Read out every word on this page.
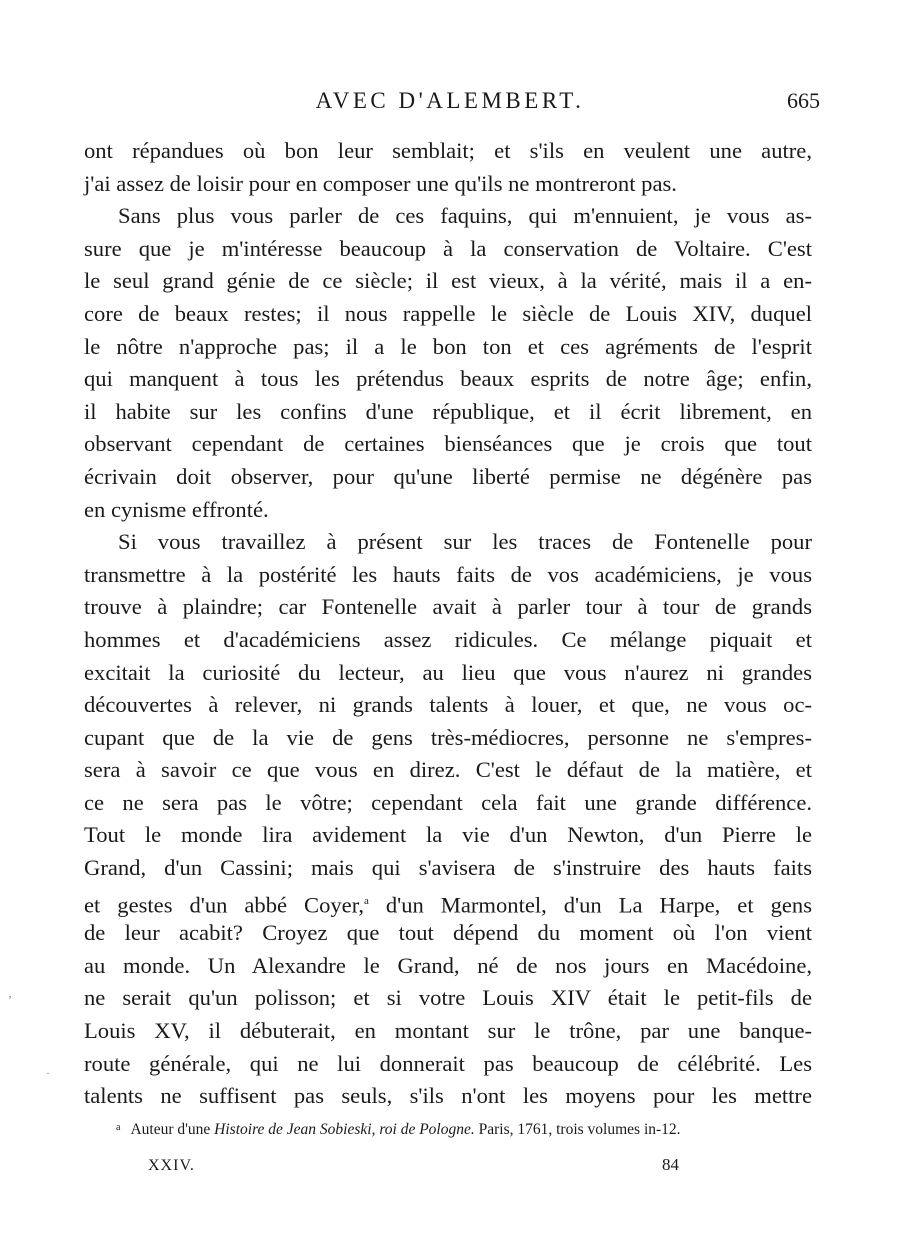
AVEC D'ALEMBERT.	665
ont répandues où bon leur semblait; et s'ils en veulent une autre,
j'ai assez de loisir pour en composer une qu'ils ne montreront pas.
Sans plus vous parler de ces faquins, qui m'ennuient, je vous as-
sure que je m'intéresse beaucoup à la conservation de Voltaire. C'est
le seul grand génie de ce siècle; il est vieux, à la vérité, mais il a en-
core de beaux restes; il nous rappelle le siècle de Louis XIV, duquel
le nôtre n'approche pas; il a le bon ton et ces agréments de l'esprit
qui manquent à tous les prétendus beaux esprits de notre âge; enfin,
il habite sur les confins d'une république, et il écrit librement, en
observant cependant de certaines bienséances que je crois que tout
écrivain doit observer, pour qu'une liberté permise ne dégénère pas
en cynisme effronté.
Si vous travaillez à présent sur les traces de Fontenelle pour
transmettre à la postérité les hauts faits de vos académiciens, je vous
trouve à plaindre; car Fontenelle avait à parler tour à tour de grands
hommes et d'académiciens assez ridicules. Ce mélange piquait et
excitait la curiosité du lecteur, au lieu que vous n'aurez ni grandes
découvertes à relever, ni grands talents à louer, et que, ne vous oc-
cupant que de la vie de gens très-médiocres, personne ne s'empres-
sera à savoir ce que vous en direz. C'est le défaut de la matière, et
ce ne sera pas le vôtre; cependant cela fait une grande différence.
Tout le monde lira avidement la vie d'un Newton, d'un Pierre le
Grand, d'un Cassini; mais qui s'avisera de s'instruire des hauts faits
et gestes d'un abbé Coyer,$^a$ d'un Marmontel, d'un La Harpe, et gens
de leur acabit? Croyez que tout dépend du moment où l'on vient
au monde. Un Alexandre le Grand, né de nos jours en Macédoine,
ne serait qu'un polisson; et si votre Louis XIV était le petit-fils de
Louis XV, il débuterait, en montant sur le trône, par une banque-
route générale, qui ne lui donnerait pas beaucoup de célébrité. Les
talents ne suffisent pas seuls, s'ils n'ont les moyens pour les mettre
$^a$ Auteur d'une Histoire de Jean Sobieski, roi de Pologne. Paris, 1761, trois volumes in-12.
XXIV.	84
ʼ
·
